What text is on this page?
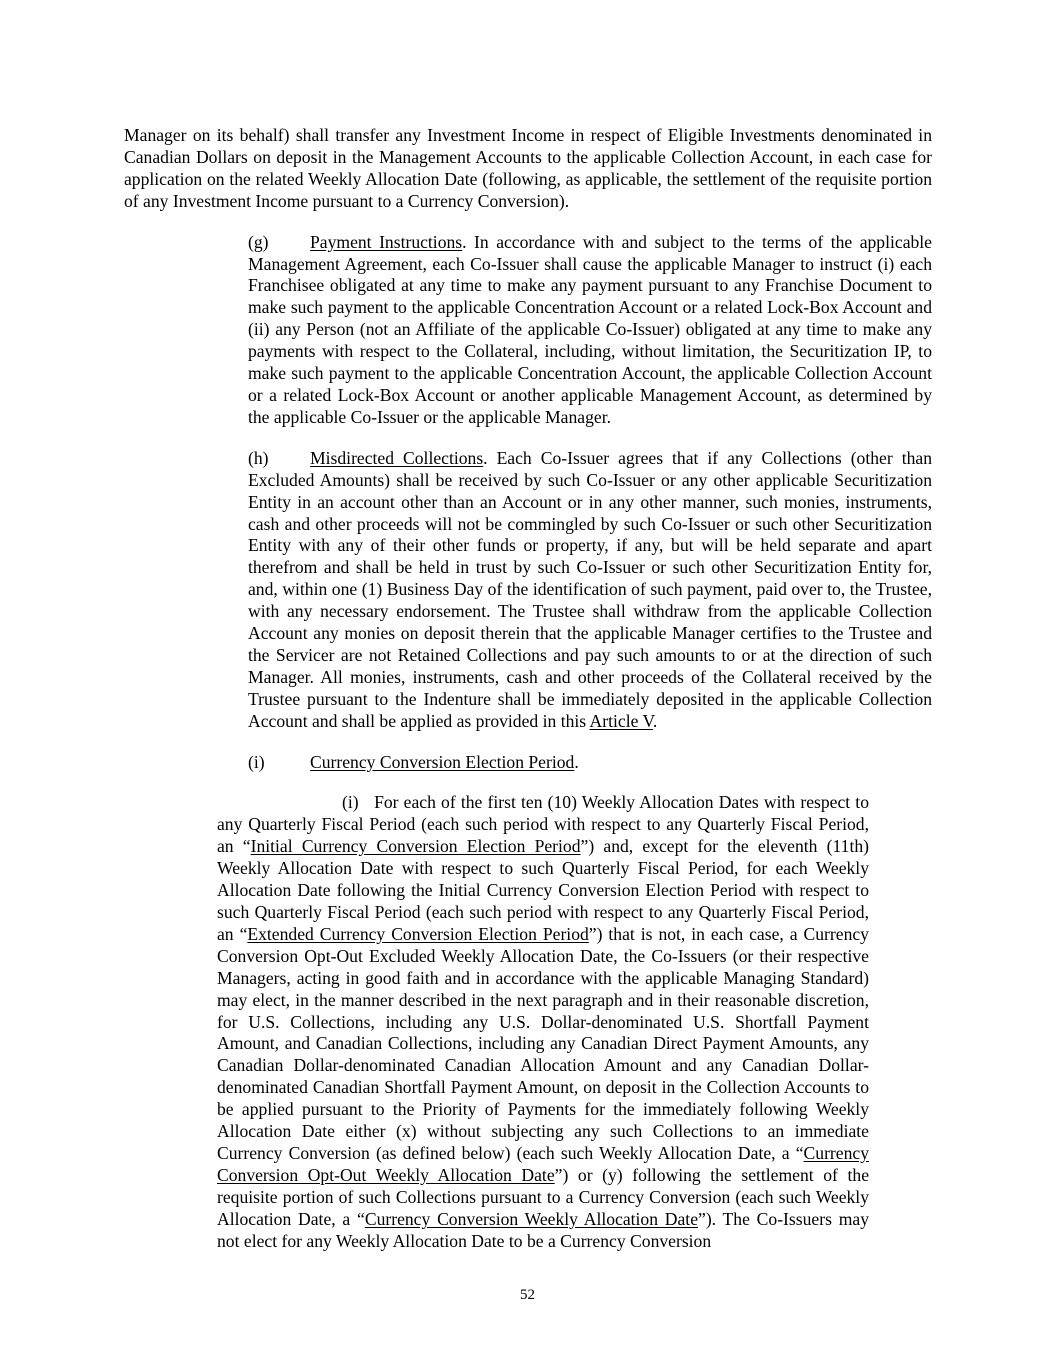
Manager on its behalf) shall transfer any Investment Income in respect of Eligible Investments denominated in Canadian Dollars on deposit in the Management Accounts to the applicable Collection Account, in each case for application on the related Weekly Allocation Date (following, as applicable, the settlement of the requisite portion of any Investment Income pursuant to a Currency Conversion).

(g) Payment Instructions. In accordance with and subject to the terms of the applicable Management Agreement, each Co-Issuer shall cause the applicable Manager to instruct (i) each Franchisee obligated at any time to make any payment pursuant to any Franchise Document to make such payment to the applicable Concentration Account or a related Lock-Box Account and (ii) any Person (not an Affiliate of the applicable Co-Issuer) obligated at any time to make any payments with respect to the Collateral, including, without limitation, the Securitization IP, to make such payment to the applicable Concentration Account, the applicable Collection Account or a related Lock-Box Account or another applicable Management Account, as determined by the applicable Co-Issuer or the applicable Manager.

(h) Misdirected Collections. Each Co-Issuer agrees that if any Collections (other than Excluded Amounts) shall be received by such Co-Issuer or any other applicable Securitization Entity in an account other than an Account or in any other manner, such monies, instruments, cash and other proceeds will not be commingled by such Co-Issuer or such other Securitization Entity with any of their other funds or property, if any, but will be held separate and apart therefrom and shall be held in trust by such Co-Issuer or such other Securitization Entity for, and, within one (1) Business Day of the identification of such payment, paid over to, the Trustee, with any necessary endorsement. The Trustee shall withdraw from the applicable Collection Account any monies on deposit therein that the applicable Manager certifies to the Trustee and the Servicer are not Retained Collections and pay such amounts to or at the direction of such Manager. All monies, instruments, cash and other proceeds of the Collateral received by the Trustee pursuant to the Indenture shall be immediately deposited in the applicable Collection Account and shall be applied as provided in this Article V.

(i)	Currency Conversion Election Period.

(i) For each of the first ten (10) Weekly Allocation Dates with respect to any Quarterly Fiscal Period (each such period with respect to any Quarterly Fiscal Period, an “Initial Currency Conversion Election Period”) and, except for the eleventh (11th) Weekly Allocation Date with respect to such Quarterly Fiscal Period, for each Weekly Allocation Date following the Initial Currency Conversion Election Period with respect to such Quarterly Fiscal Period (each such period with respect to any Quarterly Fiscal Period, an “Extended Currency Conversion Election Period”) that is not, in each case, a Currency Conversion Opt-Out Excluded Weekly Allocation Date, the Co-Issuers (or their respective Managers, acting in good faith and in accordance with the applicable Managing Standard) may elect, in the manner described in the next paragraph and in their reasonable discretion, for U.S. Collections, including any U.S. Dollar-denominated U.S. Shortfall Payment Amount, and Canadian Collections, including any Canadian Direct Payment Amounts, any Canadian Dollar-denominated Canadian Allocation Amount and any Canadian Dollar-denominated Canadian Shortfall Payment Amount, on deposit in the Collection Accounts to be applied pursuant to the Priority of Payments for the immediately following Weekly Allocation Date either (x) without subjecting any such Collections to an immediate Currency Conversion (as defined below) (each such Weekly Allocation Date, a “Currency Conversion Opt-Out Weekly Allocation Date”) or (y) following the settlement of the requisite portion of such Collections pursuant to a Currency Conversion (each such Weekly Allocation Date, a “Currency Conversion Weekly Allocation Date”). The Co-Issuers may not elect for any Weekly Allocation Date to be a Currency Conversion

52
